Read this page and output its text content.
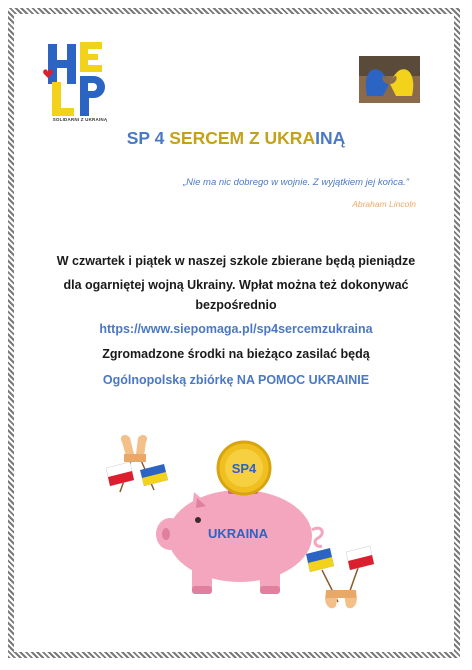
SOLIDARNI Z UKRAINĄ
SP 4 SERCEM Z UKRAINĄ
„Nie ma nic dobrego w wojnie. Z wyjątkiem jej końca.”
Abraham Lincoln
W czwartek i piątek w naszej szkole zbierane będą pieniądze
dla ogarniętej wojną Ukrainy. Wpłat można też dokonywać
bezpośrednio
https://www.siepomaga.pl/sp4sercemzukraina
Zgromadzone środki na bieżąco zasilać będą
Ogólnopolską zbiórkę NA POMOC UKRAINIE
SP4
UKRAINA
